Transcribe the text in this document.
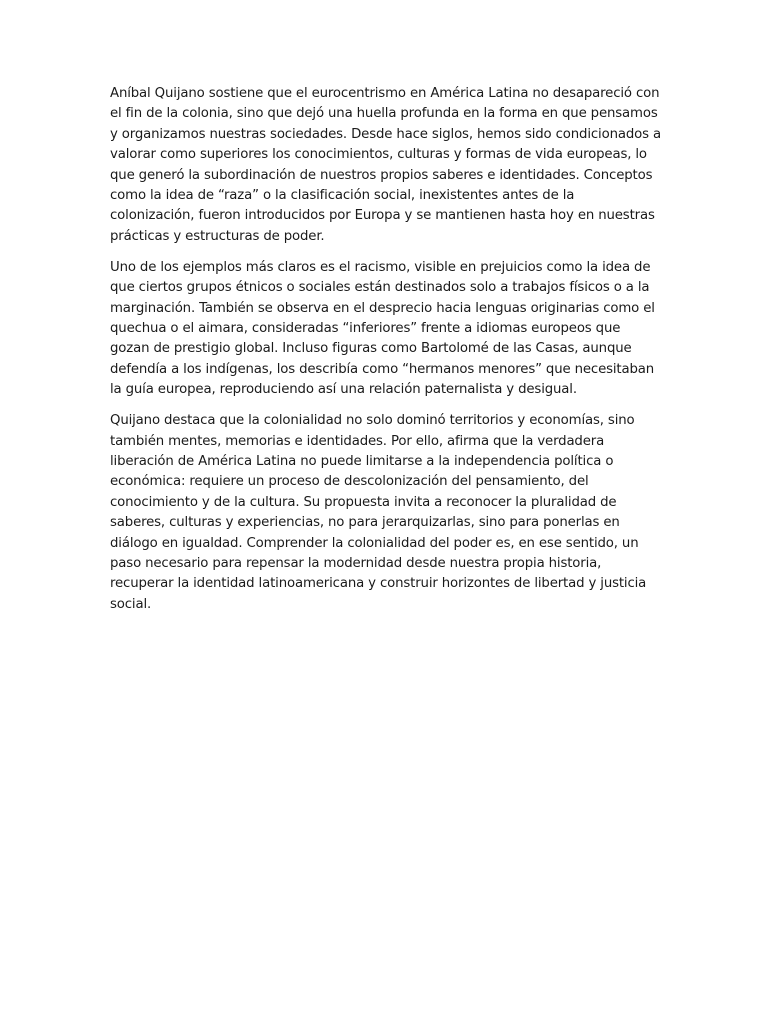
Aníbal Quijano sostiene que el eurocentrismo en América Latina no desapareció con el fin de la colonia, sino que dejó una huella profunda en la forma en que pensamos y organizamos nuestras sociedades. Desde hace siglos, hemos sido condicionados a valorar como superiores los conocimientos, culturas y formas de vida europeas, lo que generó la subordinación de nuestros propios saberes e identidades. Conceptos como la idea de “raza” o la clasificación social, inexistentes antes de la colonización, fueron introducidos por Europa y se mantienen hasta hoy en nuestras prácticas y estructuras de poder.

Uno de los ejemplos más claros es el racismo, visible en prejuicios como la idea de que ciertos grupos étnicos o sociales están destinados solo a trabajos físicos o a la marginación. También se observa en el desprecio hacia lenguas originarias como el quechua o el aimara, consideradas “inferiores” frente a idiomas europeos que gozan de prestigio global. Incluso figuras como Bartolomé de las Casas, aunque defendía a los indígenas, los describía como “hermanos menores” que necesitaban la guía europea, reproduciendo así una relación paternalista y desigual.

Quijano destaca que la colonialidad no solo dominó territorios y economías, sino también mentes, memorias e identidades. Por ello, afirma que la verdadera liberación de América Latina no puede limitarse a la independencia política o económica: requiere un proceso de descolonización del pensamiento, del conocimiento y de la cultura. Su propuesta invita a reconocer la pluralidad de saberes, culturas y experiencias, no para jerarquizarlas, sino para ponerlas en diálogo en igualdad. Comprender la colonialidad del poder es, en ese sentido, un paso necesario para repensar la modernidad desde nuestra propia historia, recuperar la identidad latinoamericana y construir horizontes de libertad y justicia social.
